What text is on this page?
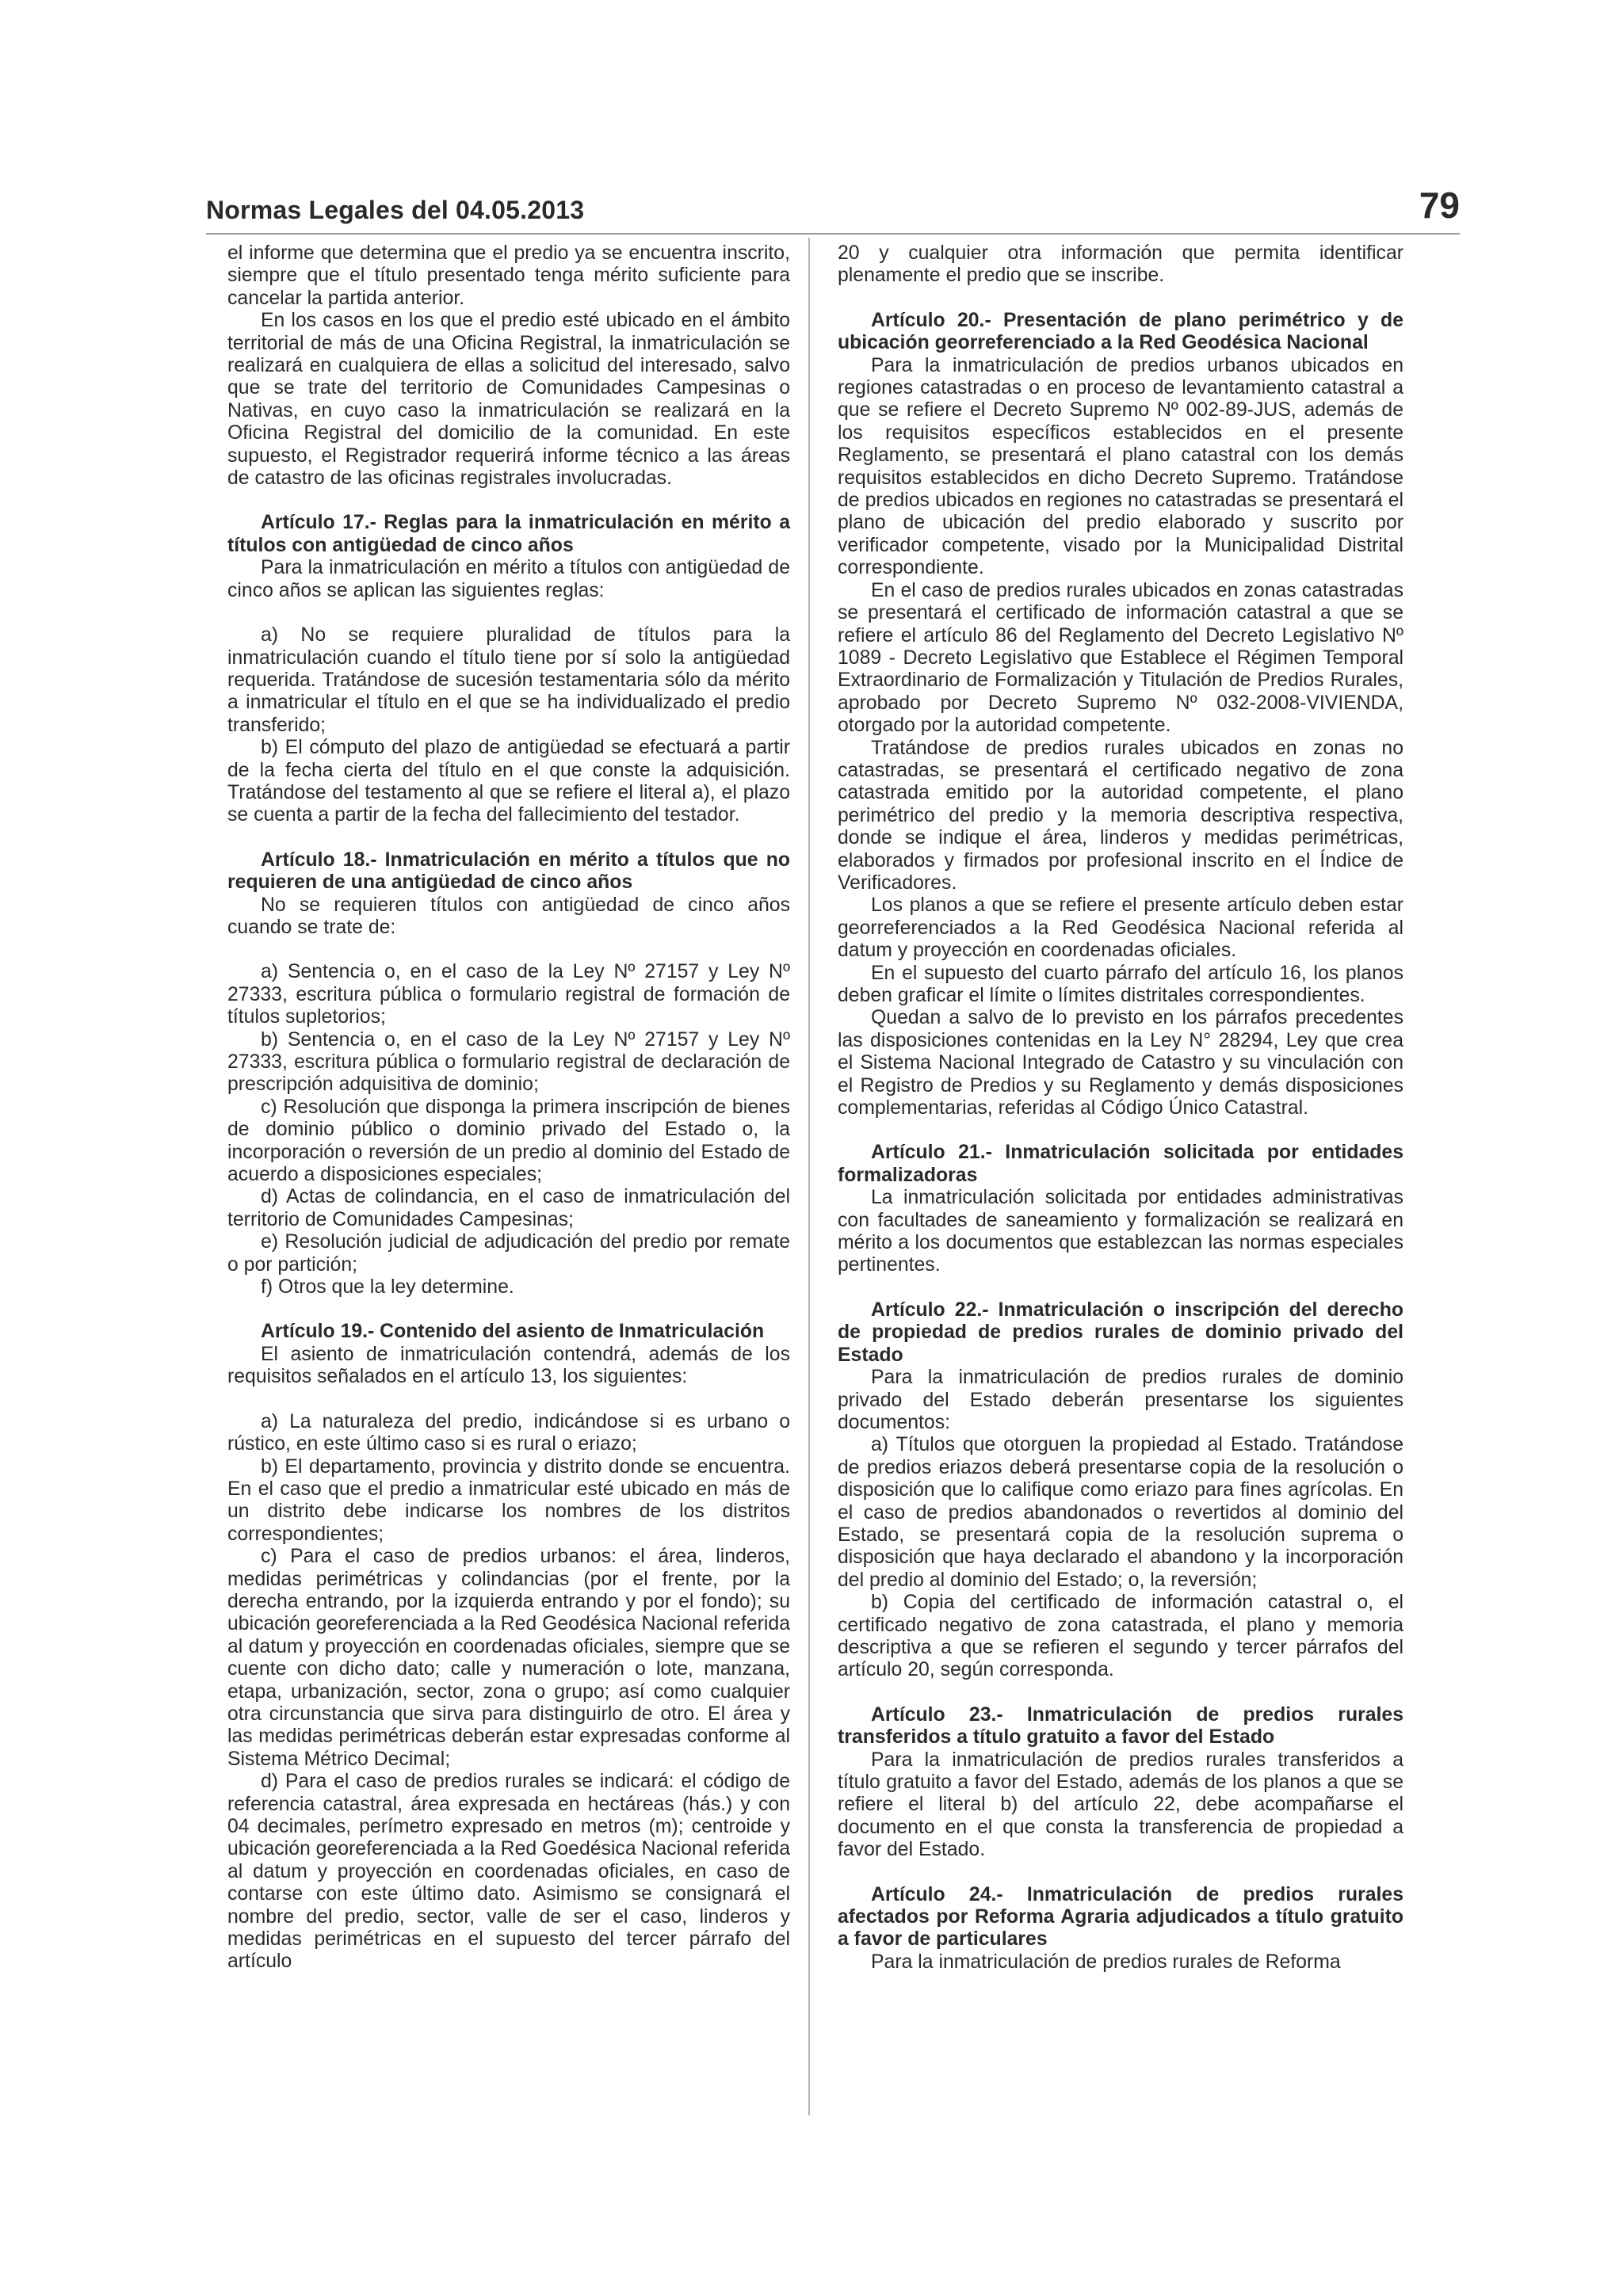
Normas Legales del 04.05.2013	79

el informe que determina que el predio ya se encuentra inscrito, siempre que el título presentado tenga mérito suficiente para cancelar la partida anterior.

En los casos en los que el predio esté ubicado en el ámbito territorial de más de una Oficina Registral, la inmatriculación se realizará en cualquiera de ellas a solicitud del interesado, salvo que se trate del territorio de Comunidades Campesinas o Nativas, en cuyo caso la inmatriculación se realizará en la Oficina Registral del domicilio de la comunidad. En este supuesto, el Registrador requerirá informe técnico a las áreas de catastro de las oficinas registrales involucradas.

Artículo 17.- Reglas para la inmatriculación en mérito a títulos con antigüedad de cinco años

Para la inmatriculación en mérito a títulos con antigüedad de cinco años se aplican las siguientes reglas:

a) No se requiere pluralidad de títulos para la inmatriculación cuando el título tiene por sí solo la antigüedad requerida. Tratándose de sucesión testamentaria sólo da mérito a inmatricular el título en el que se ha individualizado el predio transferido;

b) El cómputo del plazo de antigüedad se efectuará a partir de la fecha cierta del título en el que conste la adquisición. Tratándose del testamento al que se refiere el literal a), el plazo se cuenta a partir de la fecha del fallecimiento del testador.

Artículo 18.- Inmatriculación en mérito a títulos que no requieren de una antigüedad de cinco años

No se requieren títulos con antigüedad de cinco años cuando se trate de:

a) Sentencia o, en el caso de la Ley Nº 27157 y Ley Nº 27333, escritura pública o formulario registral de formación de títulos supletorios;

b) Sentencia o, en el caso de la Ley Nº 27157 y Ley Nº 27333, escritura pública o formulario registral de declaración de prescripción adquisitiva de dominio;

c) Resolución que disponga la primera inscripción de bienes de dominio público o dominio privado del Estado o, la incorporación o reversión de un predio al dominio del Estado de acuerdo a disposiciones especiales;

d) Actas de colindancia, en el caso de inmatriculación del territorio de Comunidades Campesinas;

e) Resolución judicial de adjudicación del predio por remate o por partición;

f) Otros que la ley determine.

Artículo 19.- Contenido del asiento de Inmatriculación

El asiento de inmatriculación contendrá, además de los requisitos señalados en el artículo 13, los siguientes:

a) La naturaleza del predio, indicándose si es urbano o rústico, en este último caso si es rural o eriazo;

b) El departamento, provincia y distrito donde se encuentra. En el caso que el predio a inmatricular esté ubicado en más de un distrito debe indicarse los nombres de los distritos correspondientes;

c) Para el caso de predios urbanos: el área, linderos, medidas perimétricas y colindancias (por el frente, por la derecha entrando, por la izquierda entrando y por el fondo); su ubicación georeferenciada a la Red Geodésica Nacional referida al datum y proyección en coordenadas oficiales, siempre que se cuente con dicho dato; calle y numeración o lote, manzana, etapa, urbanización, sector, zona o grupo; así como cualquier otra circunstancia que sirva para distinguirlo de otro. El área y las medidas perimétricas deberán estar expresadas conforme al Sistema Métrico Decimal;

d) Para el caso de predios rurales se indicará: el código de referencia catastral, área expresada en hectáreas (hás.) y con 04 decimales, perímetro expresado en metros (m); centroide y ubicación georeferenciada a la Red Goedésica Nacional referida al datum y proyección en coordenadas oficiales, en caso de contarse con este último dato. Asimismo se consignará el nombre del predio, sector, valle de ser el caso, linderos y medidas perimétricas en el supuesto del tercer párrafo del artículo

20 y cualquier otra información que permita identificar plenamente el predio que se inscribe.

Artículo 20.- Presentación de plano perimétrico y de ubicación georreferenciado a la Red Geodésica Nacional

Para la inmatriculación de predios urbanos ubicados en regiones catastradas o en proceso de levantamiento catastral a que se refiere el Decreto Supremo Nº 002-89-JUS, además de los requisitos específicos establecidos en el presente Reglamento, se presentará el plano catastral con los demás requisitos establecidos en dicho Decreto Supremo. Tratándose de predios ubicados en regiones no catastradas se presentará el plano de ubicación del predio elaborado y suscrito por verificador competente, visado por la Municipalidad Distrital correspondiente.

En el caso de predios rurales ubicados en zonas catastradas se presentará el certificado de información catastral a que se refiere el artículo 86 del Reglamento del Decreto Legislativo Nº 1089 - Decreto Legislativo que Establece el Régimen Temporal Extraordinario de Formalización y Titulación de Predios Rurales, aprobado por Decreto Supremo Nº 032-2008-VIVIENDA, otorgado por la autoridad competente.

Tratándose de predios rurales ubicados en zonas no catastradas, se presentará el certificado negativo de zona catastrada emitido por la autoridad competente, el plano perimétrico del predio y la memoria descriptiva respectiva, donde se indique el área, linderos y medidas perimétricas, elaborados y firmados por profesional inscrito en el Índice de Verificadores.

Los planos a que se refiere el presente artículo deben estar georreferenciados a la Red Geodésica Nacional referida al datum y proyección en coordenadas oficiales.

En el supuesto del cuarto párrafo del artículo 16, los planos deben graficar el límite o límites distritales correspondientes.

Quedan a salvo de lo previsto en los párrafos precedentes las disposiciones contenidas en la Ley N° 28294, Ley que crea el Sistema Nacional Integrado de Catastro y su vinculación con el Registro de Predios y su Reglamento y demás disposiciones complementarias, referidas al Código Único Catastral.

Artículo 21.- Inmatriculación solicitada por entidades formalizadoras

La inmatriculación solicitada por entidades administrativas con facultades de saneamiento y formalización se realizará en mérito a los documentos que establezcan las normas especiales pertinentes.

Artículo 22.- Inmatriculación o inscripción del derecho de propiedad de predios rurales de dominio privado del Estado

Para la inmatriculación de predios rurales de dominio privado del Estado deberán presentarse los siguientes documentos:

a) Títulos que otorguen la propiedad al Estado. Tratándose de predios eriazos deberá presentarse copia de la resolución o disposición que lo califique como eriazo para fines agrícolas. En el caso de predios abandonados o revertidos al dominio del Estado, se presentará copia de la resolución suprema o disposición que haya declarado el abandono y la incorporación del predio al dominio del Estado; o, la reversión;

b) Copia del certificado de información catastral o, el certificado negativo de zona catastrada, el plano y memoria descriptiva a que se refieren el segundo y tercer párrafos del artículo 20, según corresponda.

Artículo 23.- Inmatriculación de predios rurales transferidos a título gratuito a favor del Estado

Para la inmatriculación de predios rurales transferidos a título gratuito a favor del Estado, además de los planos a que se refiere el literal b) del artículo 22, debe acompañarse el documento en el que consta la transferencia de propiedad a favor del Estado.

Artículo 24.- Inmatriculación de predios rurales afectados por Reforma Agraria adjudicados a título gratuito a favor de particulares

Para la inmatriculación de predios rurales de Reforma
